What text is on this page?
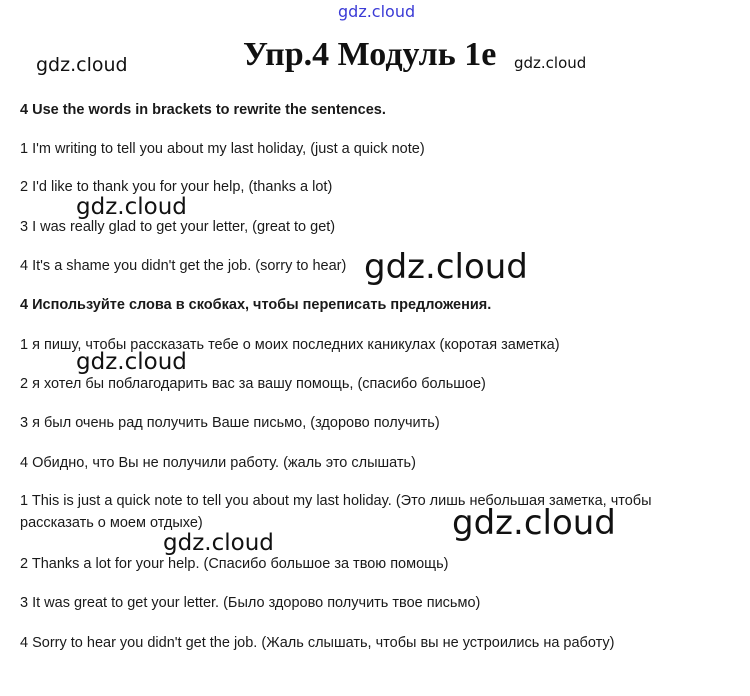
gdz.cloud
gdz.cloud	Упр.4 Модуль 1e gdz.cloud
4 Use the words in brackets to rewrite the sentences.
1 I'm writing to tell you about my last holiday, (just a quick note)
2 I'd like to thank you for your help, (thanks a lot)
gdz.cloud
3 I was really glad to get your letter, (great to get)
4 It's a shame you didn't get the job. (sorry to hear) gdz.cloud
4 Используйте слова в скобках, чтобы переписать предложения.
1 я пишу, чтобы рассказать тебе о моих последних каникулах (коротая заметка)
gdz.cloud
2 я хотел бы поблагодарить вас за вашу помощь, (спасибо большое)
3 я был очень рад получить Ваше письмо, (здорово получить)
4 Обидно, что Вы не получили работу. (жаль это слышать)
1 This is just a quick note to tell you about my last holiday. (Это лишь небольшая заметка, чтобы рассказать о моем отдыхе)	gdz.cloud
gdz.cloud
2 Thanks a lot for your help. (Спасибо большое за твою помощь)
3 It was great to get your letter. (Было здорово получить твое письмо)
4 Sorry to hear you didn't get the job. (Жаль слышать, чтобы вы не устроились на работу)
